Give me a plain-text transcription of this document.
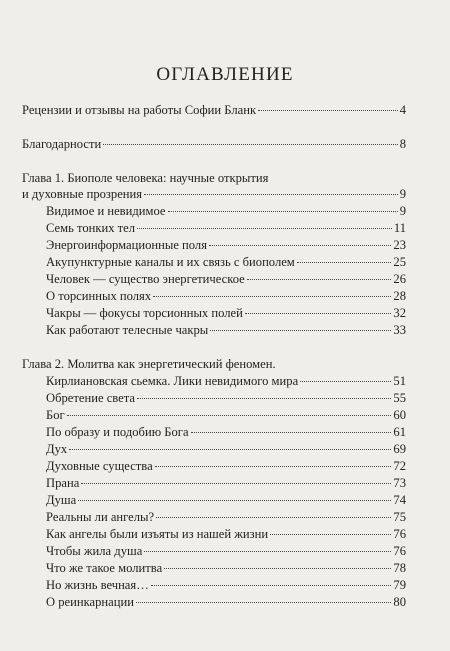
ОГЛАВЛЕНИЕ
Рецензии и отзывы на работы Софии Бланк	4
Благодарности	8
Глава 1. Биополе человека: научные открытия
и духовные прозрения	9
Видимое и невидимое	9
Семь тонких тел	11
Энергоинформационные поля	23
Акупунктурные каналы и их связь с биополем	25
Человек — существо энергетическое	26
О торсинных полях	28
Чакры — фокусы торсионных полей	32
Как работают телесные чакры	33
Глава 2. Молитва как энергетический феномен.
Кирлиановская сьемка. Лики невидимого мира	51
Обретение света	55
Бог	60
По образу и подобию Бога	61
Дух	69
Духовные существа	72
Прана	73
Душа	74
Реальны ли ангелы?	75
Как ангелы были изъяты из нашей жизни	76
Чтобы жила душа	76
Что же такое молитва	78
Но жизнь вечная…	79
О реинкарнации	80
